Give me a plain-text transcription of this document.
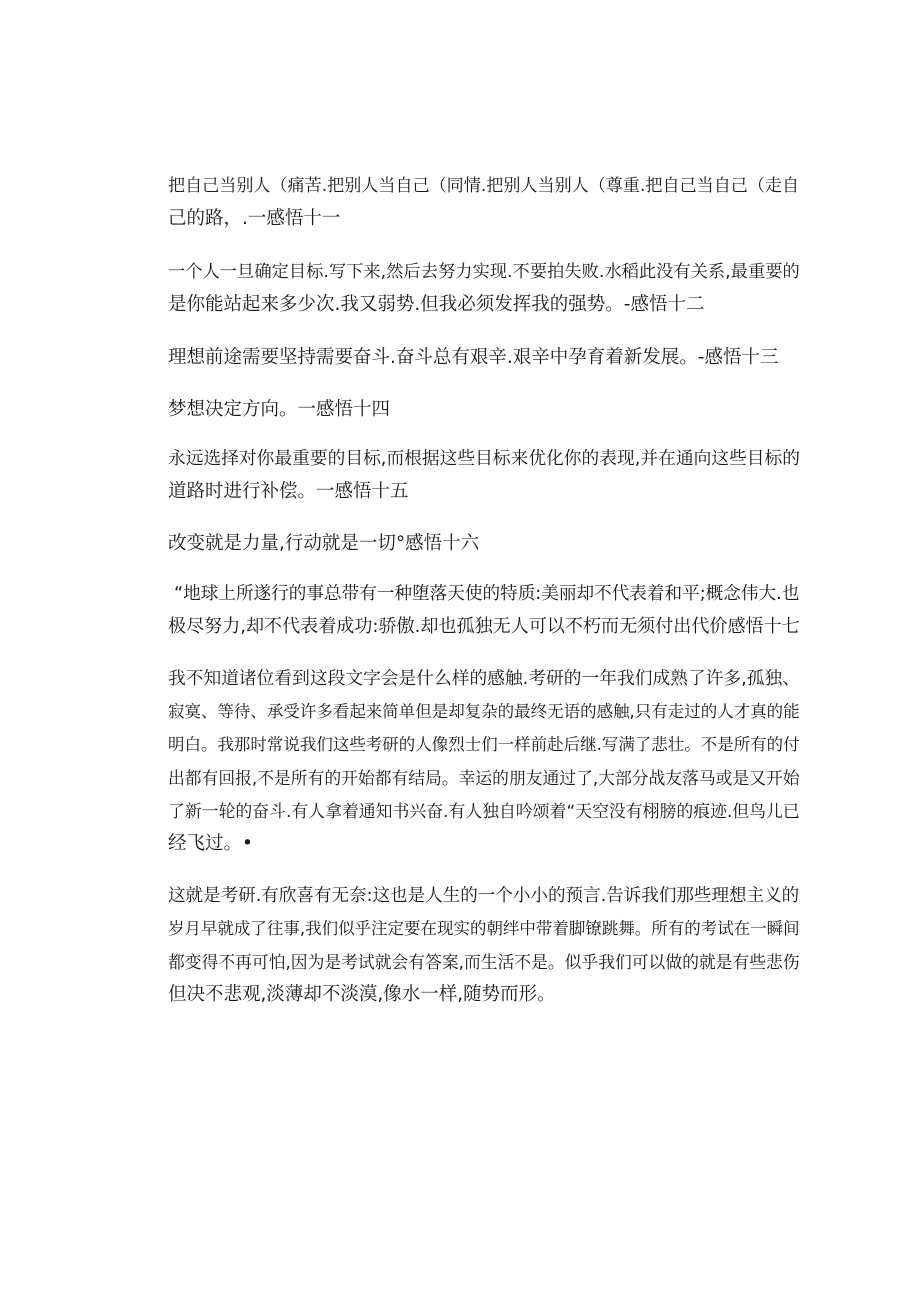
把自己当别人（痛苦.把别人当自己（同情.把别人当别人（尊重.把自己当自己（走自

己的路，.一感悟十一

一个人一旦确定目标.写下来,然后去努力实现.不要拍失败.水稻此没有关系,最重要的

是你能站起来多少次.我又弱势.但我必须发挥我的强势。-感悟十二

理想前途需要坚持需要奋斗.奋斗总有艰辛.艰辛中孕育着新发展。-感悟十三

梦想决定方向。一感悟十四

永远选择对你最重要的目标,而根据这些目标来优化你的表现,并在通向这些目标的

道路时进行补偿。一感悟十五

改变就是力量,行动就是一切°感悟十六

“地球上所遂行的事总带有一种堕落天使的特质:美丽却不代表着和平;概念伟大.也

极尽努力,却不代表着成功:骄傲.却也孤独无人可以不朽而无须付出代价感悟十七

我不知道诸位看到这段文字会是什么样的感触.考研的一年我们成熟了许多,孤独、

寂寞、等待、承受许多看起来简单但是却复杂的最终无语的感触,只有走过的人才真的能

明白。我那时常说我们这些考研的人像烈士们一样前赴后继.写满了悲壮。不是所有的付

出都有回报,不是所有的开始都有结局。幸运的朋友通过了,大部分战友落马或是又开始

了新一轮的奋斗.有人拿着通知书兴奋.有人独自吟颂着“天空没有栩膀的痕迹.但鸟儿已

经飞过。•

这就是考研.有欣喜有无奈:这也是人生的一个小小的预言.告诉我们那些理想主义的

岁月早就成了往事,我们似乎注定要在现实的朝绊中带着脚镣跳舞。所有的考试在一瞬间

都变得不再可怕,因为是考试就会有答案,而生活不是。似乎我们可以做的就是有些悲伤

但决不悲观,淡薄却不淡漠,像水一样,随势而形。
